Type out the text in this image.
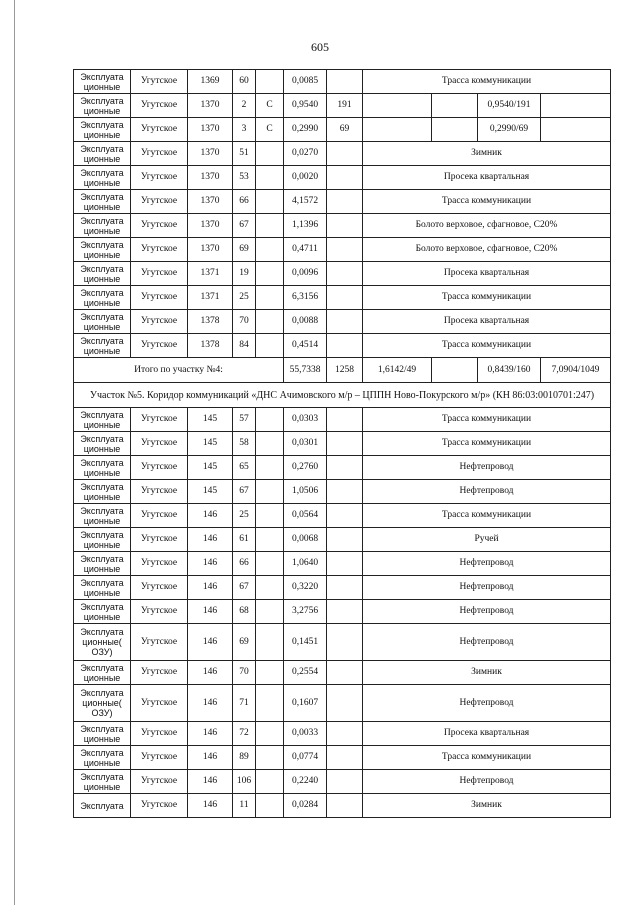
605
Эксплуата ционные	Угутское	1369	60		0,0085		Трасса коммуникации			
Эксплуата ционные	Угутское	1370	2	С	0,9540	191			0,9540/191	
Эксплуата ционные	Угутское	1370	3	С	0,2990	69			0,2990/69	
Эксплуата ционные	Угутское	1370	51		0,0270		Зимник			
Эксплуата ционные	Угутское	1370	53		0,0020		Просека квартальная			
Эксплуата ционные	Угутское	1370	66		4,1572		Трасса коммуникации			
Эксплуата ционные	Угутское	1370	67		1,1396		Болото верховое, сфагновое, С20%			
Эксплуата ционные	Угутское	1370	69		0,4711		Болото верховое, сфагновое, С20%			
Эксплуата ционные	Угутское	1371	19		0,0096		Просека квартальная			
Эксплуата ционные	Угутское	1371	25		6,3156		Трасса коммуникации			
Эксплуата ционные	Угутское	1378	70		0,0088		Просека квартальная			
Эксплуата ционные	Угутское	1378	84		0,4514		Трасса коммуникации			
Итого по участку №4:					55,7338	1258	1,6142/49		0,8439/160	7,0904/1049
Участок №5. Коридор коммуникаций «ДНС Ачимовского м/р – ЦППН Ново-Покурского м/р» (КН 86:03:0010701:247)										
Эксплуата ционные	Угутское	145	57		0,0303		Трасса коммуникации			
Эксплуата ционные	Угутское	145	58		0,0301		Трасса коммуникации			
Эксплуата ционные	Угутское	145	65		0,2760		Нефтепровод			
Эксплуата ционные	Угутское	145	67		1,0506		Нефтепровод			
Эксплуата ционные	Угутское	146	25		0,0564		Трасса коммуникации			
Эксплуата ционные	Угутское	146	61		0,0068		Ручей			
Эксплуата ционные	Угутское	146	66		1,0640		Нефтепровод			
Эксплуата ционные	Угутское	146	67		0,3220		Нефтепровод			
Эксплуата ционные	Угутское	146	68		3,2756		Нефтепровод			
Эксплуата ционные( ОЗУ)	Угутское	146	69		0,1451		Нефтепровод			
Эксплуата ционные	Угутское	146	70		0,2554		Зимник			
Эксплуата ционные( ОЗУ)	Угутское	146	71		0,1607		Нефтепровод			
Эксплуата ционные	Угутское	146	72		0,0033		Просека квартальная			
Эксплуата ционные	Угутское	146	89		0,0774		Трасса коммуникации			
Эксплуата ционные	Угутское	146	106		0,2240		Нефтепровод			
Эксплуата	Угутское	146	11		0,0284		Зимник			
